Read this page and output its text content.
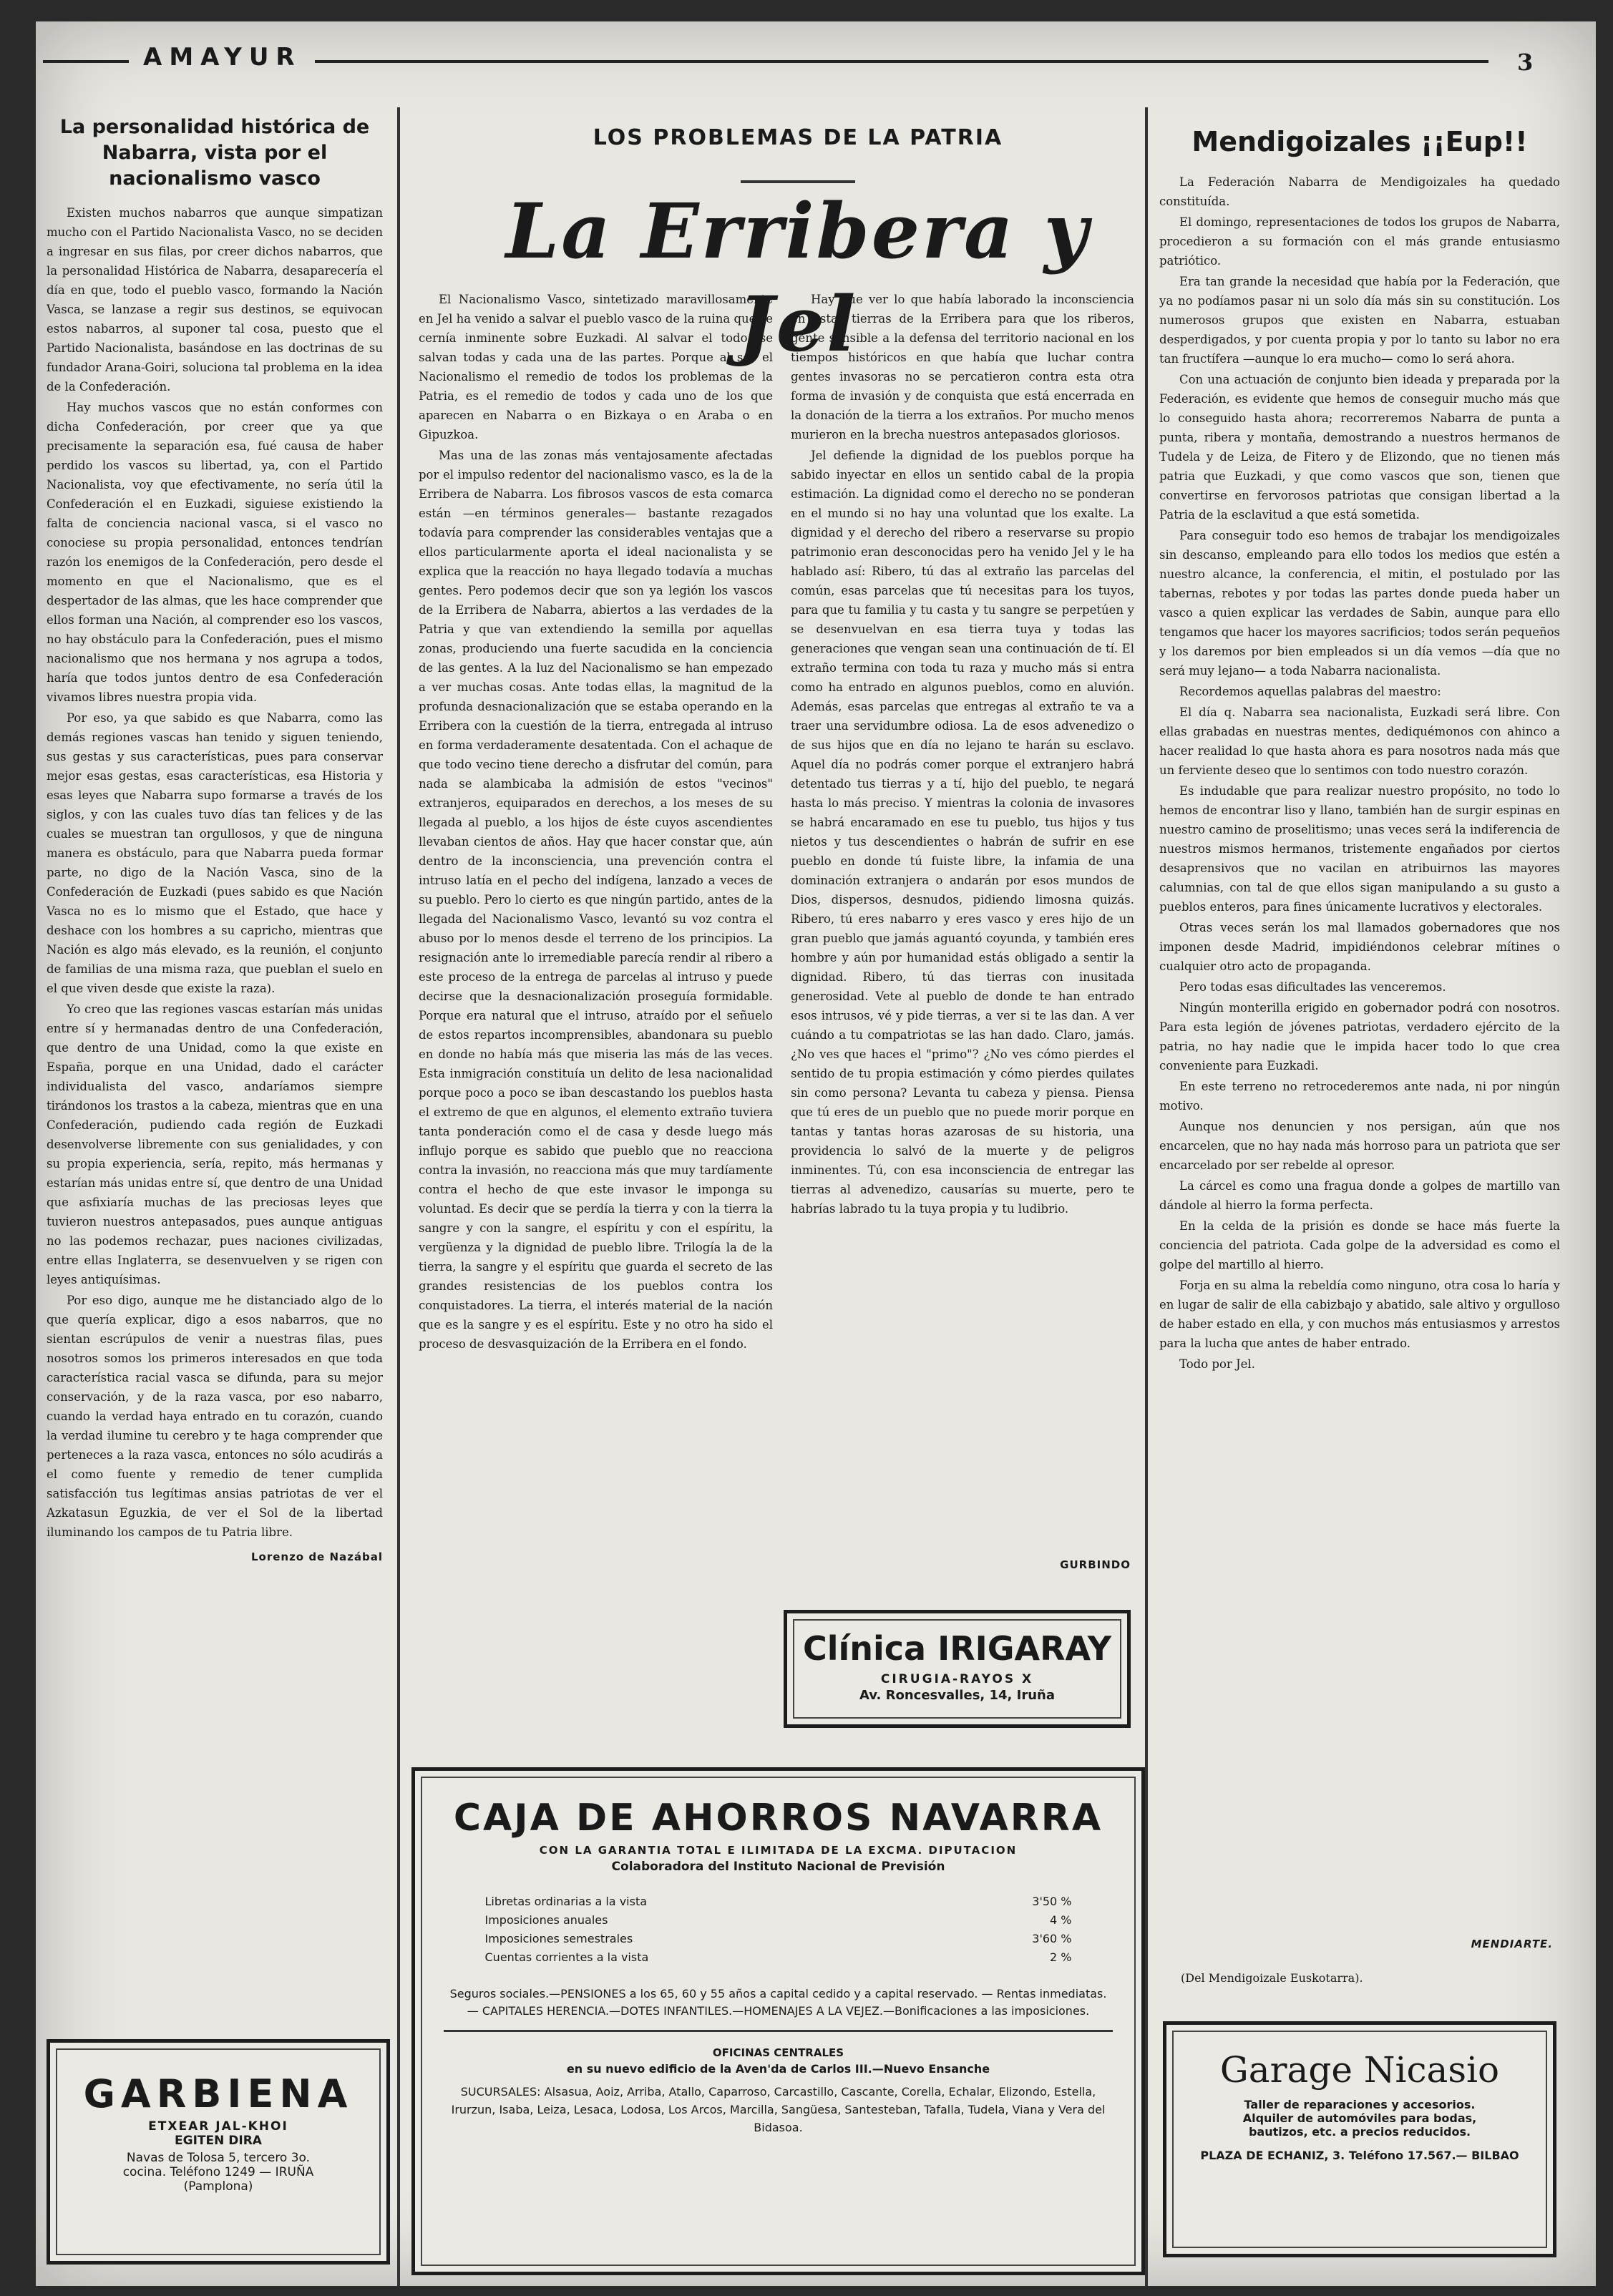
AMAYUR	3
La personalidad histórica de Nabarra, vista por el nacionalismo vasco

Existen muchos nabarros que aunque simpatizan mucho con el Partido Nacionalista Vasco, no se deciden a ingresar en sus filas, por creer dichos nabarros, que la personalidad Histórica de Nabarra, desaparecería el día en que, todo el pueblo vasco, formando la Nación Vasca, se lanzase a regir sus destinos, se equivocan estos nabarros, al suponer tal cosa, puesto que el Partido Nacionalista, basándose en las doctrinas de su fundador Arana-Goiri, soluciona tal problema en la idea de la Confederación.

Hay muchos vascos que no están conformes con dicha Confederación, por creer que ya que precisamente la separación esa, fué causa de haber perdido los vascos su libertad, ya, con el Partido Nacionalista, voy que efectivamente, no sería útil la Confederación el en Euzkadi, siguiese existiendo la falta de conciencia nacional vasca, si el vasco no conociese su propia personalidad, entonces tendrían razón los enemigos de la Confederación, pero desde el momento en que el Nacionalismo, que es el despertador de las almas, que les hace comprender que ellos forman una Nación, al comprender eso los vascos, no hay obstáculo para la Confederación, pues el mismo nacionalismo que nos hermana y nos agrupa a todos, haría que todos juntos dentro de esa Confederación vivamos libres nuestra propia vida.

Por eso, ya que sabido es que Nabarra, como las demás regiones vascas han tenido y siguen teniendo, sus gestas y sus características, pues para conservar mejor esas gestas, esas características, esa Historia y esas leyes que Nabarra supo formarse a través de los siglos, y con las cuales tuvo días tan felices y de las cuales se muestran tan orgullosos, y que de ninguna manera es obstáculo, para que Nabarra pueda formar parte, no digo de la Nación Vasca, sino de la Confederación de Euzkadi (pues sabido es que Nación Vasca no es lo mismo que el Estado, que hace y deshace con los hombres a su capricho, mientras que Nación es algo más elevado, es la reunión, el conjunto de familias de una misma raza, que pueblan el suelo en el que viven desde que existe la raza).

Yo creo que las regiones vascas estarían más unidas entre sí y hermanadas dentro de una Confederación, que dentro de una Unidad, como la que existe en España, porque en una Unidad, dado el carácter individualista del vasco, andaríamos siempre tirándonos los trastos a la cabeza, mientras que en una Confederación, pudiendo cada región de Euzkadi desenvolverse libremente con sus genialidades, y con su propia experiencia, sería, repito, más hermanas y estarían más unidas entre sí, que dentro de una Unidad que asfixiaría muchas de las preciosas leyes que tuvieron nuestros antepasados, pues aunque antiguas no las podemos rechazar, pues naciones civilizadas, entre ellas Inglaterra, se desenvuelven y se rigen con leyes antiquísimas.

Por eso digo, aunque me he distanciado algo de lo que quería explicar, digo a esos nabarros, que no sientan escrúpulos de venir a nuestras filas, pues nosotros somos los primeros interesados en que toda característica racial vasca se difunda, para su mejor conservación, y de la raza vasca, por eso nabarro, cuando la verdad haya entrado en tu corazón, cuando la verdad ilumine tu cerebro y te haga comprender que perteneces a la raza vasca, entonces no sólo acudirás a el como fuente y remedio de tener cumplida satisfacción tus legítimas ansias patriotas de ver el Azkatasun Eguzkia, de ver el Sol de la libertad iluminando los campos de tu Patria libre.

Lorenzo de Nazábal
LOS PROBLEMAS DE LA PATRIA
La Erribera y Jel

El Nacionalismo Vasco, sintetizado maravillosamente en Jel ha venido a salvar el pueblo vasco de la ruina que se cernía inminente sobre Euzkadi. Al salvar el todo, se salvan todas y cada una de las partes. Porque al ser el Nacionalismo el remedio de todos los problemas de la Patria, es el remedio de todos y cada uno de los que aparecen en Nabarra o en Bizkaya o en Araba o en Gipuzkoa.

Mas una de las zonas más ventajosamente afectadas por el impulso redentor del nacionalismo vasco, es la de la Erribera de Nabarra. Los fibrosos vascos de esta comarca están —en términos generales— bastante rezagados todavía para comprender las considerables ventajas que a ellos particularmente aporta el ideal nacionalista y se explica que la reacción no haya llegado todavía a muchas gentes. Pero podemos decir que son ya legión los vascos de la Erribera de Nabarra, abiertos a las verdades de la Patria y que van extendiendo la semilla por aquellas zonas, produciendo una fuerte sacudida en la conciencia de las gentes. A la luz del Nacionalismo se han empezado a ver muchas cosas. Ante todas ellas, la magnitud de la profunda desnacionalización que se estaba operando en la Erribera con la cuestión de la tierra, entregada al intruso en forma verdaderamente desatentada. Con el achaque de que todo vecino tiene derecho a disfrutar del común, para nada se alambicaba la admisión de estos "vecinos" extranjeros, equiparados en derechos, a los meses de su llegada al pueblo, a los hijos de éste cuyos ascendientes llevaban cientos de años. Hay que hacer constar que, aún dentro de la inconsciencia, una prevención contra el intruso latía en el pecho del indígena, lanzado a veces de su pueblo. Pero lo cierto es que ningún partido, antes de la llegada del Nacionalismo Vasco, levantó su voz contra el abuso por lo menos desde el terreno de los principios. La resignación ante lo irremediable parecía rendir al ribero a este proceso de la entrega de parcelas al intruso y puede decirse que la desnacionalización proseguía formidable. Porque era natural que el intruso, atraído por el señuelo de estos repartos incomprensibles, abandonara su pueblo en donde no había más que miseria las más de las veces. Esta inmigración constituía un delito de lesa nacionalidad porque poco a poco se iban descastando los pueblos hasta el extremo de que en algunos, el elemento extraño tuviera tanta ponderación como el de casa y desde luego más influjo porque es sabido que pueblo que no reacciona contra la invasión, no reacciona más que muy tardíamente contra el hecho de que este invasor le imponga su voluntad. Es decir que se perdía la tierra y con la tierra la sangre y con la sangre, el espíritu y con el espíritu, la vergüenza y la dignidad de pueblo libre. Trilogía la de la tierra, la sangre y el espíritu que guarda el secreto de las grandes resistencias de los pueblos contra los conquistadores. La tierra, el interés material de la nación que es la sangre y es el espíritu. Este y no otro ha sido el proceso de desvasquización de la Erribera en el fondo.

Hay que ver lo que había laborado la inconsciencia en estas tierras de la Erribera para que los riberos, gente sensible a la defensa del territorio nacional en los tiempos históricos en que había que luchar contra gentes invasoras no se percatieron contra esta otra forma de invasión y de conquista que está encerrada en la donación de la tierra a los extraños. Por mucho menos murieron en la brecha nuestros antepasados gloriosos.

Jel defiende la dignidad de los pueblos porque ha sabido inyectar en ellos un sentido cabal de la propia estimación. La dignidad como el derecho no se ponderan en el mundo si no hay una voluntad que los exalte. La dignidad y el derecho del ribero a reservarse su propio patrimonio eran desconocidas pero ha venido Jel y le ha hablado así: Ribero, tú das al extraño las parcelas del común, esas parcelas que tú necesitas para los tuyos, para que tu familia y tu casta y tu sangre se perpetúen y se desenvuelvan en esa tierra tuya y todas las generaciones que vengan sean una continuación de tí. El extraño termina con toda tu raza y mucho más si entra como ha entrado en algunos pueblos, como en aluvión. Además, esas parcelas que entregas al extraño te va a traer una servidumbre odiosa. La de esos advenedizo o de sus hijos que en día no lejano te harán su esclavo. Aquel día no podrás comer porque el extranjero habrá detentado tus tierras y a tí, hijo del pueblo, te negará hasta lo más preciso. Y mientras la colonia de invasores se habrá encaramado en ese tu pueblo, tus hijos y tus nietos y tus descendientes o habrán de sufrir en ese pueblo en donde tú fuiste libre, la infamia de una dominación extranjera o andarán por esos mundos de Dios, dispersos, desnudos, pidiendo limosna quizás. Ribero, tú eres nabarro y eres vasco y eres hijo de un gran pueblo que jamás aguantó coyunda, y también eres hombre y aún por humanidad estás obligado a sentir la dignidad. Ribero, tú das tierras con inusitada generosidad. Vete al pueblo de donde te han entrado esos intrusos, vé y pide tierras, a ver si te las dan. A ver cuándo a tu compatriotas se las han dado. Claro, jamás. ¿No ves que haces el "primo"? ¿No ves cómo pierdes el sentido de tu propia estimación y cómo pierdes quilates sin como persona? Levanta tu cabeza y piensa. Piensa que tú eres de un pueblo que no puede morir porque en tantas y tantas horas azarosas de su historia, una providencia lo salvó de la muerte y de peligros inminentes. Tú, con esa inconsciencia de entregar las tierras al advenedizo, causarías su muerte, pero te habrías labrado tu la tuya propia y tu ludibrio.

GURBINDO
Mendigoizales ¡¡Eup!!

La Federación Nabarra de Mendigoizales ha quedado constituída.

El domingo, representaciones de todos los grupos de Nabarra, procedieron a su formación con el más grande entusiasmo patriótico.

Era tan grande la necesidad que había por la Federación, que ya no podíamos pasar ni un solo día más sin su constitución. Los numerosos grupos que existen en Nabarra, estuaban desperdigados, y por cuenta propia y por lo tanto su labor no era tan fructífera —aunque lo era mucho— como lo será ahora.

Con una actuación de conjunto bien ideada y preparada por la Federación, es evidente que hemos de conseguir mucho más que lo conseguido hasta ahora; recorreremos Nabarra de punta a punta, ribera y montaña, demostrando a nuestros hermanos de Tudela y de Leiza, de Fitero y de Elizondo, que no tienen más patria que Euzkadi, y que como vascos que son, tienen que convertirse en fervorosos patriotas que consigan libertad a la Patria de la esclavitud a que está sometida.

Para conseguir todo eso hemos de trabajar los mendigoizales sin descanso, empleando para ello todos los medios que estén a nuestro alcance, la conferencia, el mitin, el postulado por las tabernas, rebotes y por todas las partes donde pueda haber un vasco a quien explicar las verdades de Sabin, aunque para ello tengamos que hacer los mayores sacrificios; todos serán pequeños y los daremos por bien empleados si un día vemos —día que no será muy lejano— a toda Nabarra nacionalista.

Recordemos aquellas palabras del maestro:

El día q. Nabarra sea nacionalista, Euzkadi será libre. Con ellas grabadas en nuestras mentes, dediquémonos con ahinco a hacer realidad lo que hasta ahora es para nosotros nada más que un ferviente deseo que lo sentimos con todo nuestro corazón.

Es indudable que para realizar nuestro propósito, no todo lo hemos de encontrar liso y llano, también han de surgir espinas en nuestro camino de proselitismo; unas veces será la indiferencia de nuestros mismos hermanos, tristemente engañados por ciertos desaprensivos que no vacilan en atribuirnos las mayores calumnias, con tal de que ellos sigan manipulando a su gusto a pueblos enteros, para fines únicamente lucrativos y electorales.

Otras veces serán los mal llamados gobernadores que nos imponen desde Madrid, impidiéndonos celebrar mítines o cualquier otro acto de propaganda.

Pero todas esas dificultades las venceremos.

Ningún monterilla erigido en gobernador podrá con nosotros. Para esta legión de jóvenes patriotas, verdadero ejército de la patria, no hay nadie que le impida hacer todo lo que crea conveniente para Euzkadi.

En este terreno no retrocederemos ante nada, ni por ningún motivo.

Aunque nos denuncien y nos persigan, aún que nos encarcelen, que no hay nada más horroso para un patriota que ser encarcelado por ser rebelde al opresor.

La cárcel es como una fragua donde a golpes de martillo van dándole al hierro la forma perfecta.

En la celda de la prisión es donde se hace más fuerte la conciencia del patriota. Cada golpe de la adversidad es como el golpe del martillo al hierro.

Forja en su alma la rebeldía como ninguno, otra cosa lo haría y en lugar de salir de ella cabizbajo y abatido, sale altivo y orgulloso de haber estado en ella, y con muchos más entusiasmos y arrestos para la lucha que antes de haber entrado.

Todo por Jel.

MENDIARTE.
(Del Mendigoizale Euskotarra).
Clínica IRIGARAY
CIRUGIA-RAYOS X
Av. Roncesvalles, 14, Iruña
CAJA DE AHORROS NAVARRA
CON LA GARANTIA TOTAL E ILIMITADA DE LA EXCMA. DIPUTACION
Colaboradora del Instituto Nacional de Previsión
Libretas ordinarias a la vista	3'50 %
Imposiciones anuales	4 %
Imposiciones semestrales	3'60 %
Cuentas corrientes a la vista	2 %
Seguros sociales.—PENSIONES a los 65, 60 y 55 años a capital cedido y a capital reservado. — Rentas inmediatas. — CAPITALES HERENCIA.—DOTES INFANTILES.—HOMENAJES A LA VEJEZ.—Bonificaciones a las imposiciones.
OFICINAS CENTRALES
en su nuevo edificio de la Aven'da de Carlos III.—Nuevo Ensanche
SUCURSALES: Alsasua, Aoiz, Arriba, Atallo, Caparroso, Carcastillo, Cascante, Corella, Echalar, Elizondo, Estella, Irurzun, Isaba, Leiza, Lesaca, Lodosa, Los Arcos, Marcilla, Sangüesa, Santesteban, Tafalla, Tudela, Viana y Vera del Bidasoa.
GARBIENA
ETXEAR JAL-KHOI
EGITEN DIRA
Navas de Tolosa 5, tercero 3o.
cocina. Teléfono 1249 — IRUÑA
(Pamplona)
Garage Nicasio
Taller de reparaciones y accesorios.
Alquiler de automóviles para bodas,
bautizos, etc. a precios reducidos.
PLAZA DE ECHANIZ, 3. Teléfono 17.567.— BILBAO
